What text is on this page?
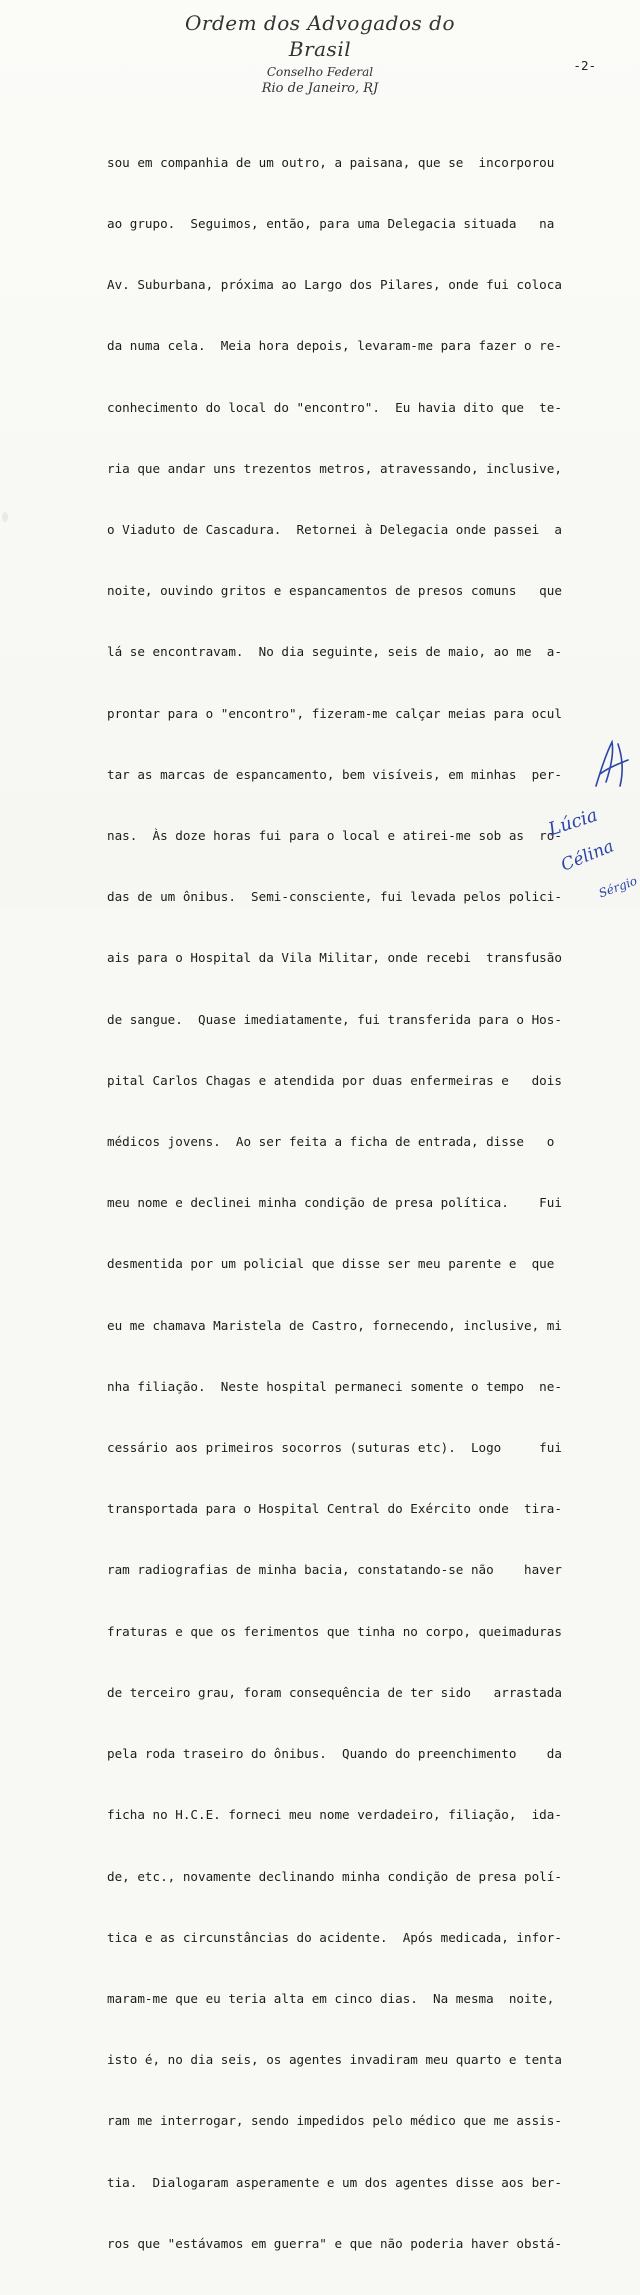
Ordem dos Advogados do Brasil
Conselho Federal
Rio de Janeiro, RJ
-2-

sou em companhia de um outro, a paisana, que se  incorporou

ao grupo.  Seguimos, então, para uma Delegacia situada   na

Av. Suburbana, próxima ao Largo dos Pilares, onde fui coloca

da numa cela.  Meia hora depois, levaram-me para fazer o re-

conhecimento do local do "encontro".  Eu havia dito que  te-

ria que andar uns trezentos metros, atravessando, inclusive,

o Viaduto de Cascadura.  Retornei à Delegacia onde passei  a

noite, ouvindo gritos e espancamentos de presos comuns   que

lá se encontravam.  No dia seguinte, seis de maio, ao me  a-

prontar para o "encontro", fizeram-me calçar meias para ocul

tar as marcas de espancamento, bem visíveis, em minhas  per-

nas.  Às doze horas fui para o local e atirei-me sob as  ro-

das de um ônibus.  Semi-consciente, fui levada pelos polici-

ais para o Hospital da Vila Militar, onde recebi  transfusão

de sangue.  Quase imediatamente, fui transferida para o Hos-

pital Carlos Chagas e atendida por duas enfermeiras e   dois

médicos jovens.  Ao ser feita a ficha de entrada, disse   o

meu nome e declinei minha condição de presa política.    Fui

desmentida por um policial que disse ser meu parente e  que

eu me chamava Maristela de Castro, fornecendo, inclusive, mi

nha filiação.  Neste hospital permaneci somente o tempo  ne-

cessário aos primeiros socorros (suturas etc).  Logo     fui

transportada para o Hospital Central do Exército onde  tira-

ram radiografias de minha bacia, constatando-se não    haver

fraturas e que os ferimentos que tinha no corpo, queimaduras

de terceiro grau, foram consequência de ter sido   arrastada

pela roda traseiro do ônibus.  Quando do preenchimento    da

ficha no H.C.E. forneci meu nome verdadeiro, filiação,  ida-

de, etc., novamente declinando minha condição de presa polí-

tica e as circunstâncias do acidente.  Após medicada, infor-

maram-me que eu teria alta em cinco dias.  Na mesma  noite,

isto é, no dia seis, os agentes invadiram meu quarto e tenta

ram me interrogar, sendo impedidos pelo médico que me assis-

tia.  Dialogaram asperamente e um dos agentes disse aos ber-

ros que "estávamos em guerra" e que não poderia haver obstá-

Lúcia
Célina
Sérgio
